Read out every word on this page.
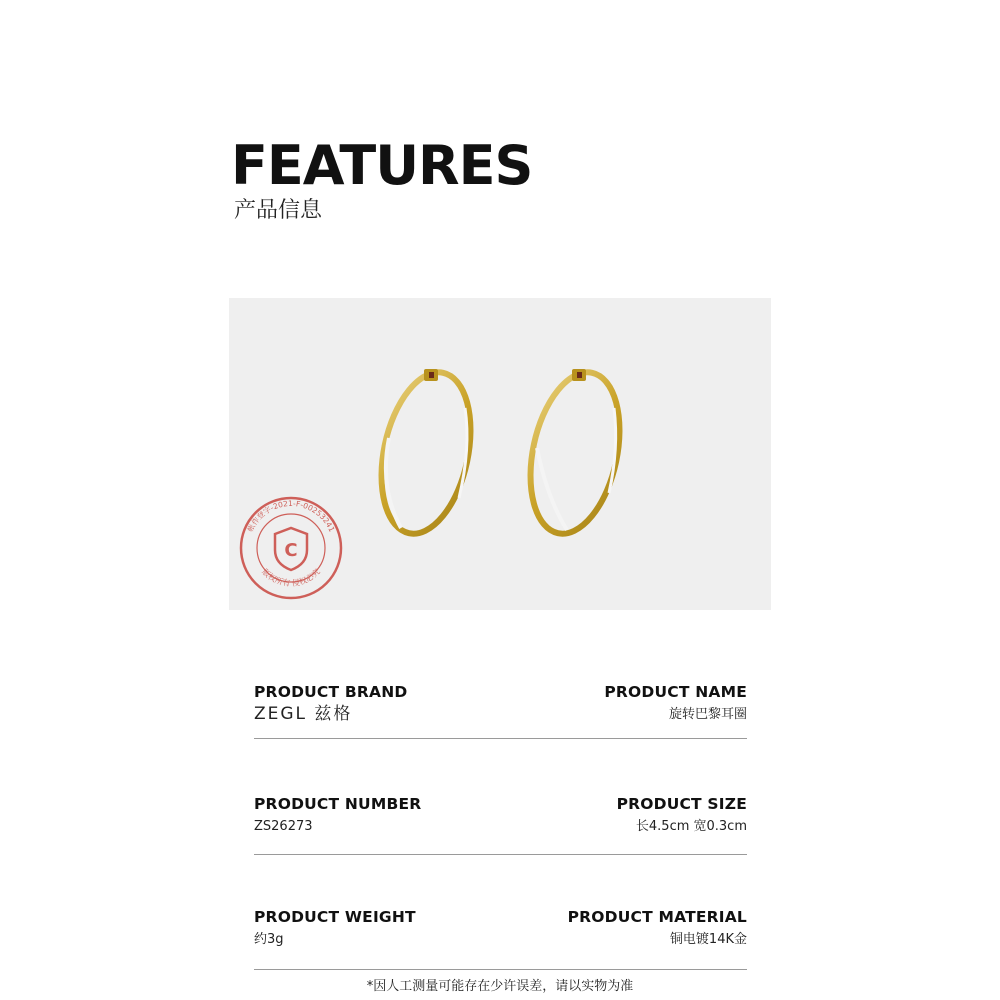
FEATURES
产品信息
C
帐作登字-2021-F-00253241
版权所有 侵权必究
PRODUCT BRAND
ZEGL 兹格
PRODUCT NAME
旋转巴黎耳圈
PRODUCT NUMBER
ZS26273
PRODUCT SIZE
长4.5cm 宽0.3cm
PRODUCT WEIGHT
约3g
PRODUCT MATERIAL
铜电镀14K金
*因人工测量可能存在少许误差，请以实物为准
